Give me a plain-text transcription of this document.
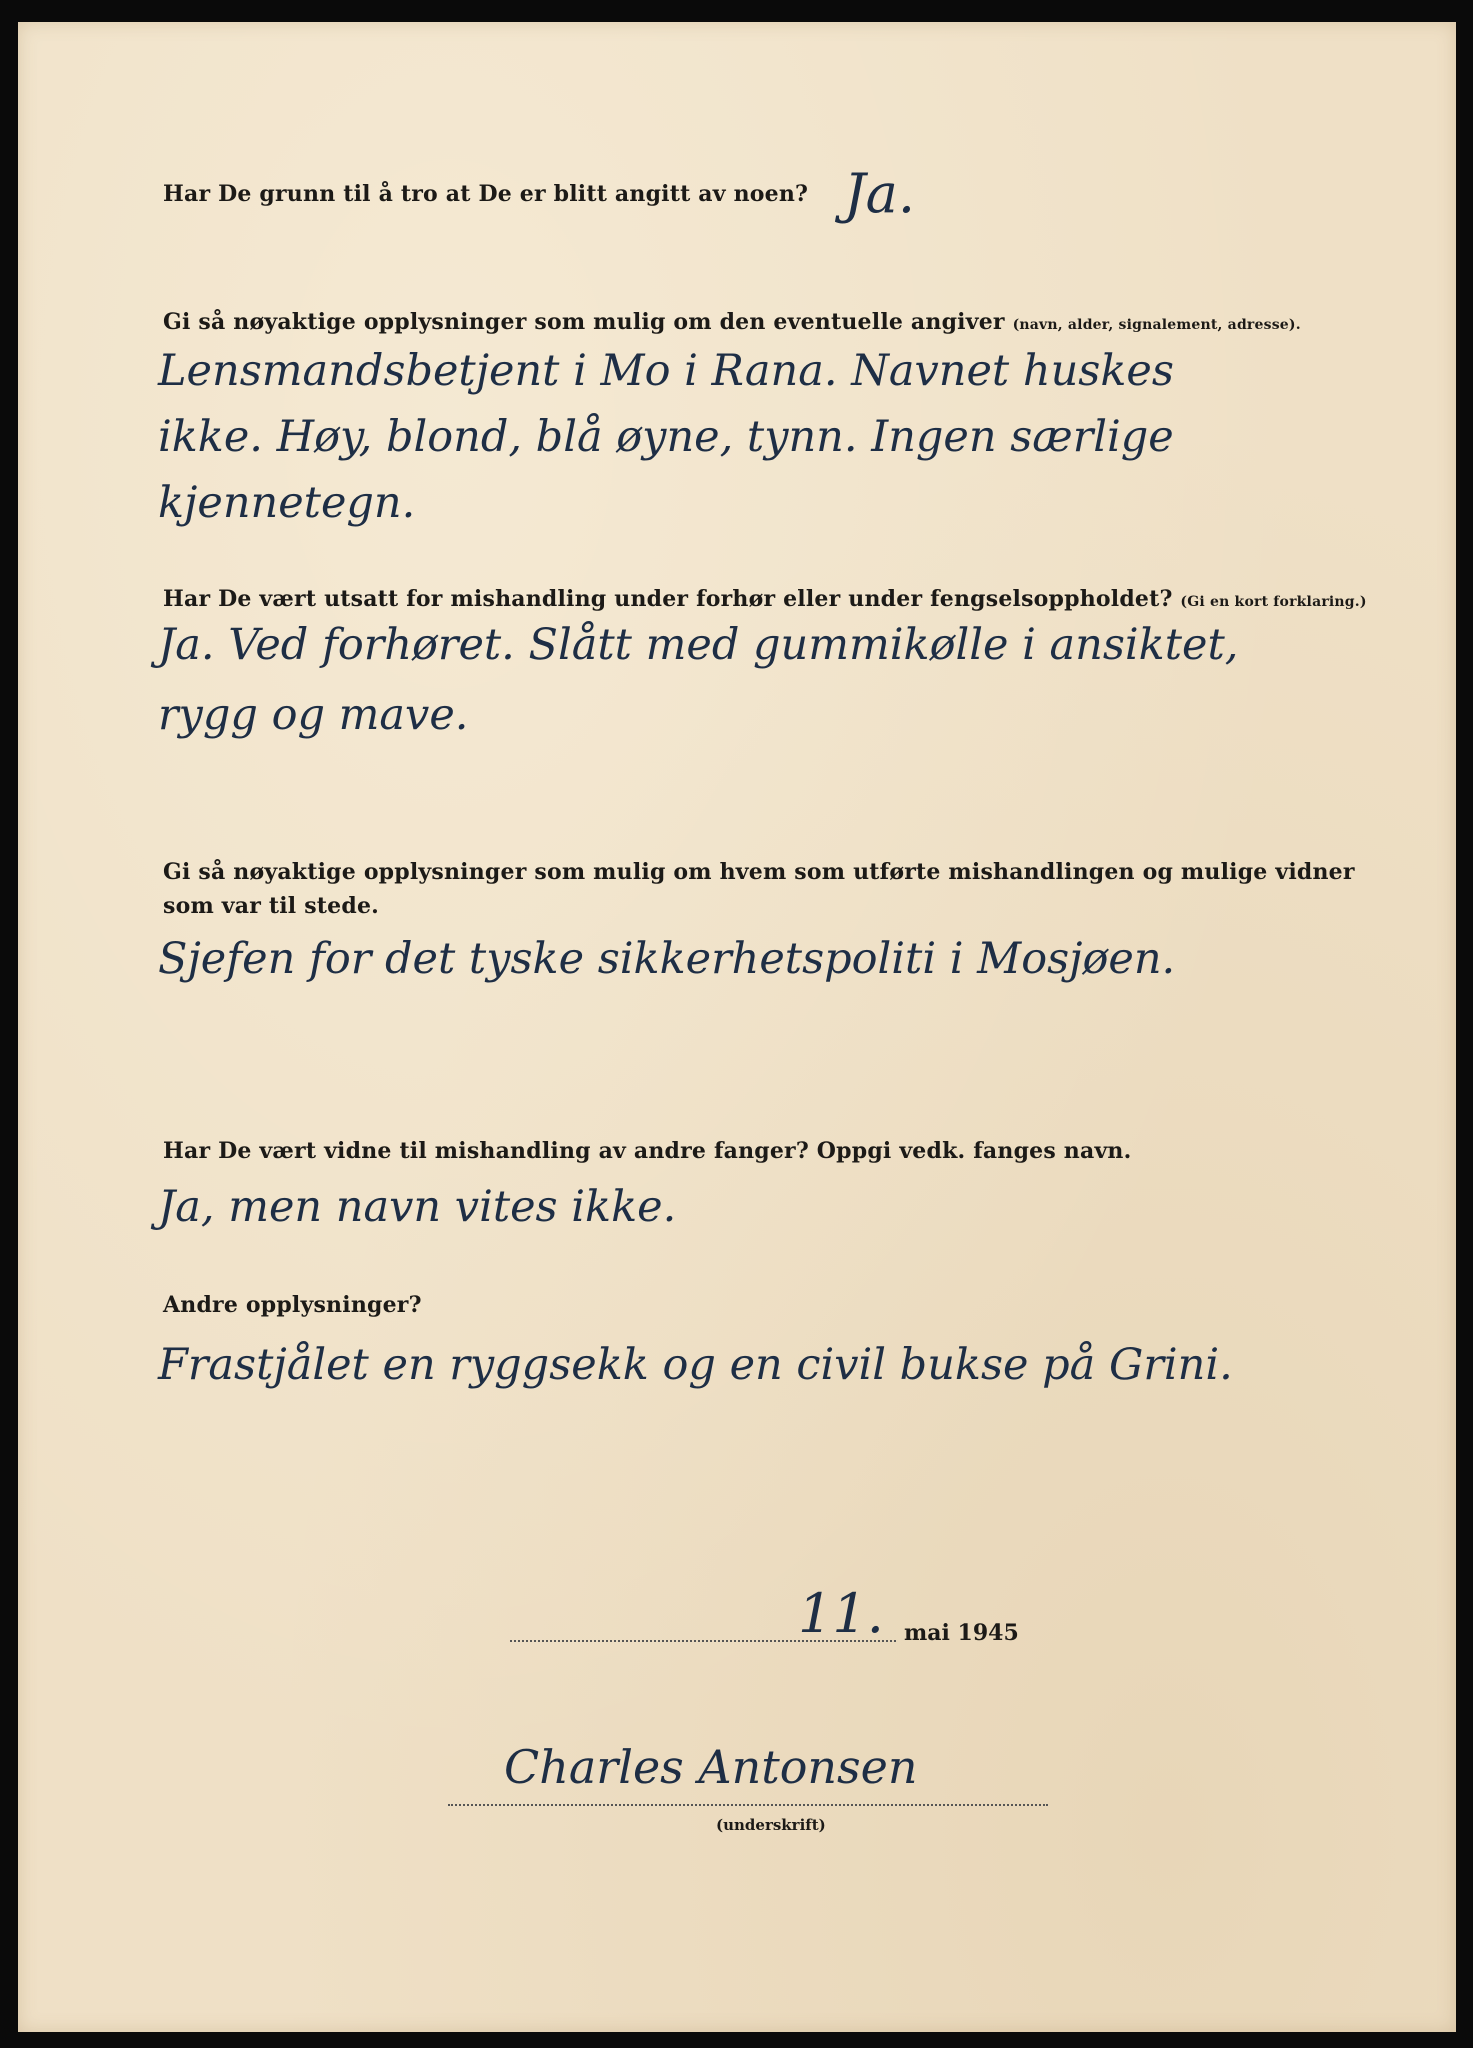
Har De grunn til å tro at De er blitt angitt av noen? Ja.
Gi så nøyaktige opplysninger som mulig om den eventuelle angiver (navn, alder, signalement, adresse).
Lensmandsbetjent i Mo i Rana. Navnet huskes
ikke. Høy, blond, blå øyne, tynn. Ingen særlige
kjennetegn.
Har De vært utsatt for mishandling under forhør eller under fengselsoppholdet? (Gi en kort forklaring.)
Ja. Ved forhøret. Slått med gummikølle i ansiktet,
rygg og mave.
Gi så nøyaktige opplysninger som mulig om hvem som utførte mishandlingen og mulige vidner som var til stede.
Sjefen for det tyske sikkerhetspoliti i Mosjøen.
Har De vært vidne til mishandling av andre fanger? Oppgi vedk. fanges navn.
Ja, men navn vites ikke.
Andre opplysninger?
Frastjålet en ryggsekk og en civil bukse på Grini.
11. mai 1945
Charles Antonsen
(underskrift)
